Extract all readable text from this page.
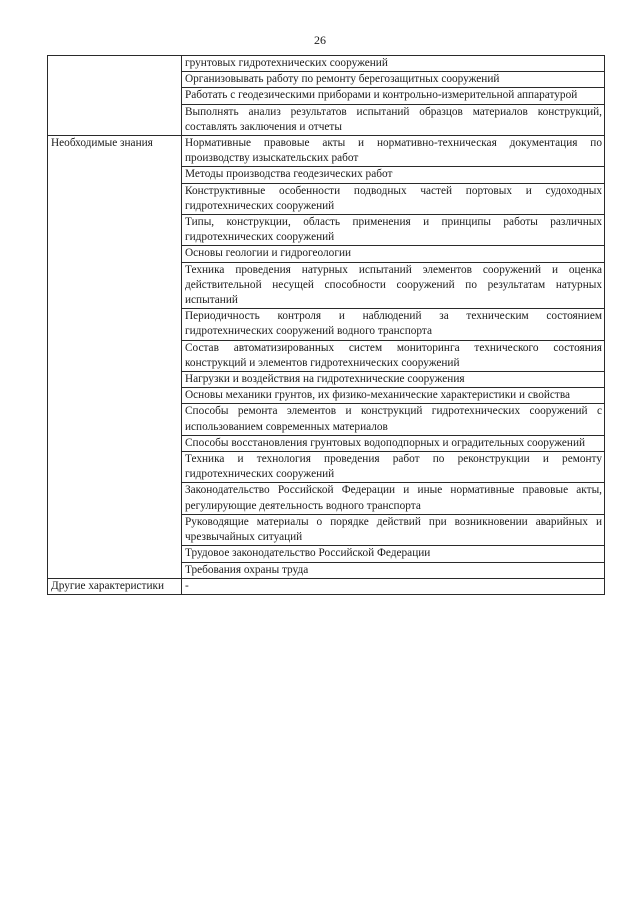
26
	грунтовых гидротехнических сооружений
	Организовывать работу по ремонту берегозащитных сооружений
	Работать с геодезическими приборами и контрольно-измерительной аппаратурой
	Выполнять анализ результатов испытаний образцов материалов конструкций, составлять заключения и отчеты
Необходимые знания	Нормативные правовые акты и нормативно-техническая документация по производству изыскательских работ
	Методы производства геодезических работ
	Конструктивные особенности подводных частей портовых и судоходных гидротехнических сооружений
	Типы, конструкции, область применения и принципы работы различных гидротехнических сооружений
	Основы геологии и гидрогеологии
	Техника проведения натурных испытаний элементов сооружений и оценка действительной несущей способности сооружений по результатам натурных испытаний
	Периодичность контроля и наблюдений за техническим состоянием гидротехнических сооружений водного транспорта
	Состав автоматизированных систем мониторинга технического состояния конструкций и элементов гидротехнических сооружений
	Нагрузки и воздействия на гидротехнические сооружения
	Основы механики грунтов, их физико-механические характеристики и свойства
	Способы ремонта элементов и конструкций гидротехнических сооружений с использованием современных материалов
	Способы восстановления грунтовых водоподпорных и оградительных сооружений
	Техника и технология проведения работ по реконструкции и ремонту гидротехнических сооружений
	Законодательство Российской Федерации и иные нормативные правовые акты, регулирующие деятельность водного транспорта
	Руководящие материалы о порядке действий при возникновении аварийных и чрезвычайных ситуаций
	Трудовое законодательство Российской Федерации
	Требования охраны труда
Другие характеристики	-
